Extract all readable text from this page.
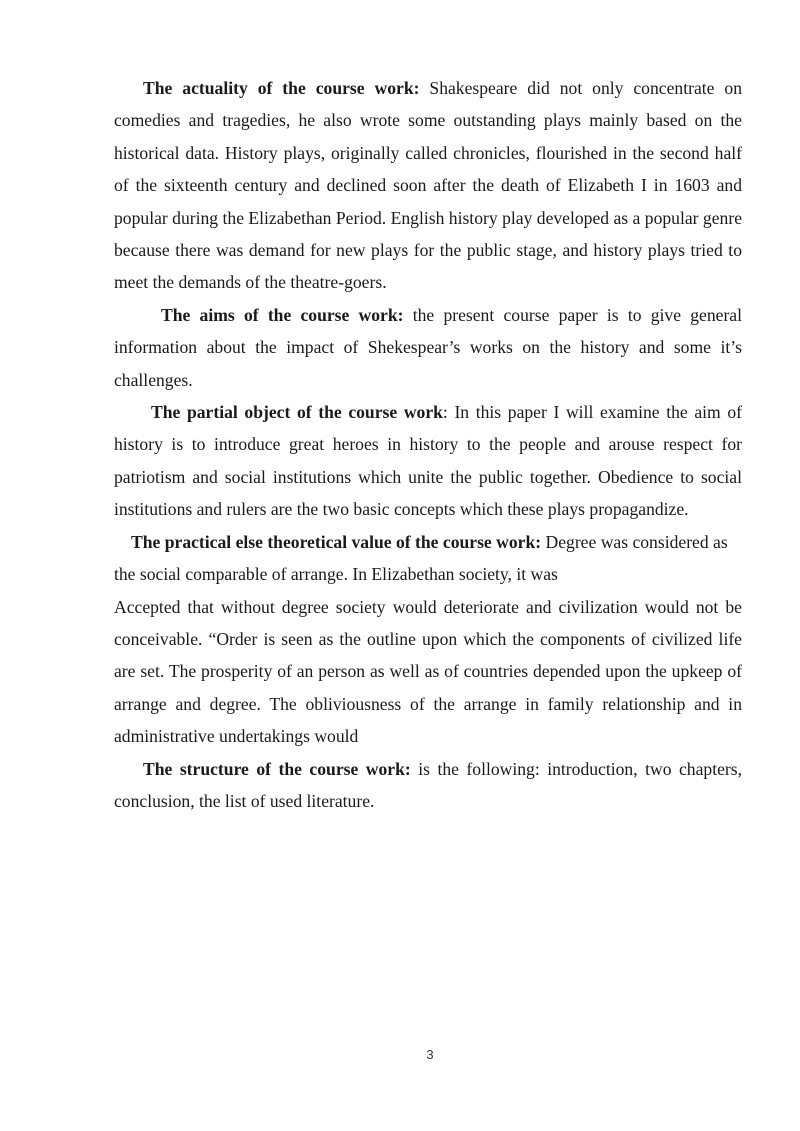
The actuality of the course work: Shakespeare did not only concentrate on comedies and tragedies, he also wrote some outstanding plays mainly based on the historical data. History plays, originally called chronicles, flourished in the second half of the sixteenth century and declined soon after the death of Elizabeth I in 1603 and popular during the Elizabethan Period. English history play developed as a popular genre because there was demand for new plays for the public stage, and history plays tried to meet the demands of the theatre-goers.

The aims of the course work: the present course paper is to give general information about the impact of Shekespear’s works on the history and some it’s challenges.

The partial object of the course work: In this paper I will examine the aim of history is to introduce great heroes in history to the people and arouse respect for patriotism and social institutions which unite the public together. Obedience to social institutions and rulers are the two basic concepts which these plays propagandize.

The practical else theoretical value of the course work: Degree was considered as the social comparable of arrange. In Elizabethan society, it was

Accepted that without degree society would deteriorate and civilization would not be conceivable. “Order is seen as the outline upon which the components of civilized life are set. The prosperity of an person as well as of countries depended upon the upkeep of arrange and degree. The obliviousness of the arrange in family relationship and in administrative undertakings would

The structure of the course work: is the following: introduction, two chapters, conclusion, the list of used literature.

3
